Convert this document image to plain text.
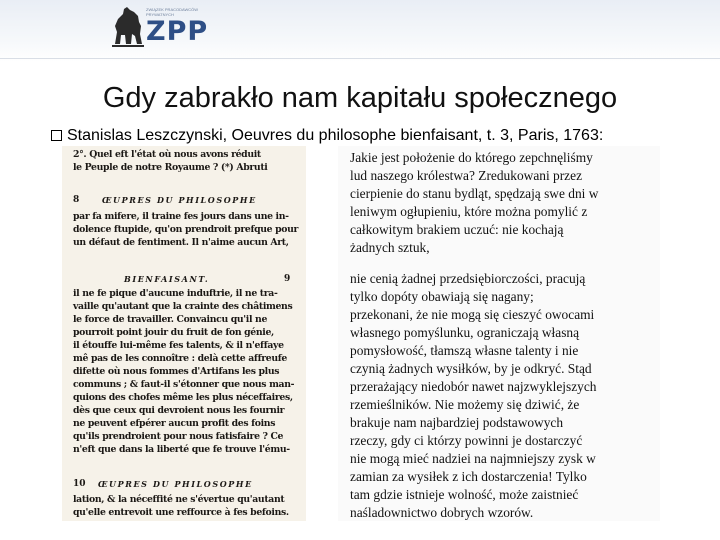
ZWIĄZEK PRACODAWCÓW
PRYWATNYCH
ZPP
Gdy zabrakło nam kapitału społecznego
Stanislas Leszczynski, Oeuvres du philosophe bienfaisant, t. 3, Paris, 1763:
2°. Quel eft l'état où nous avons réduit
le Peuple de notre Royaume ? (*) Abruti
8	ŒUPRES DU PHILOSOPHE
par fa mifere, il traine fes jours dans une in-
dolence ftupide, qu'on prendroit prefque pour
un défaut de fentiment. Il n'aime aucun Art,
BIENFAISANT.	9
il ne fe pique d'aucune induftrie, il ne tra-
vaille qu'autant que la crainte des châtimens
le force de travailler. Convaincu qu'il ne
pourroit point jouir du fruit de fon génie,
il étouffe lui-même fes talents, & il n'effaye
mê pas de les connoître : delà cette affreufe
difette où nous fommes d'Artifans les plus
communs ; & faut-il s'étonner que nous man-
quions des chofes même les plus néceffaires,
dès que ceux qui devroient nous les fournir
ne peuvent efpérer aucun profit des foins
qu'ils prendroient pour nous fatisfaire ? Ce
n'eft que dans la liberté que fe trouve l'ému-
10 ŒUPRES DU PHILOSOPHE
lation, & la néceffité ne s'évertue qu'autant
qu'elle entrevoit une reffource à fes befoins.
Jakie jest położenie do którego zepchnęliśmy
lud naszego królestwa? Zredukowani przez
cierpienie do stanu bydląt, spędzają swe dni w
leniwym ogłupieniu, które można pomylić z
całkowitym brakiem uczuć: nie kochają
żadnych sztuk,
nie cenią żadnej przedsiębiorczości, pracują
tylko dopóty obawiają się nagany;
przekonani, że nie mogą się cieszyć owocami
własnego pomyślunku, ograniczają własną
pomysłowość, tłamszą własne talenty i nie
czynią żadnych wysiłków, by je odkryć. Stąd
przerażający niedobór nawet najzwyklejszych
rzemieślników. Nie możemy się dziwić, że
brakuje nam najbardziej podstawowych
rzeczy, gdy ci którzy powinni je dostarczyć
nie mogą mieć nadziei na najmniejszy zysk w
zamian za wysiłek z ich dostarczenia! Tylko
tam gdzie istnieje wolność, może zaistnieć
naśladownictwo dobrych wzorów.
